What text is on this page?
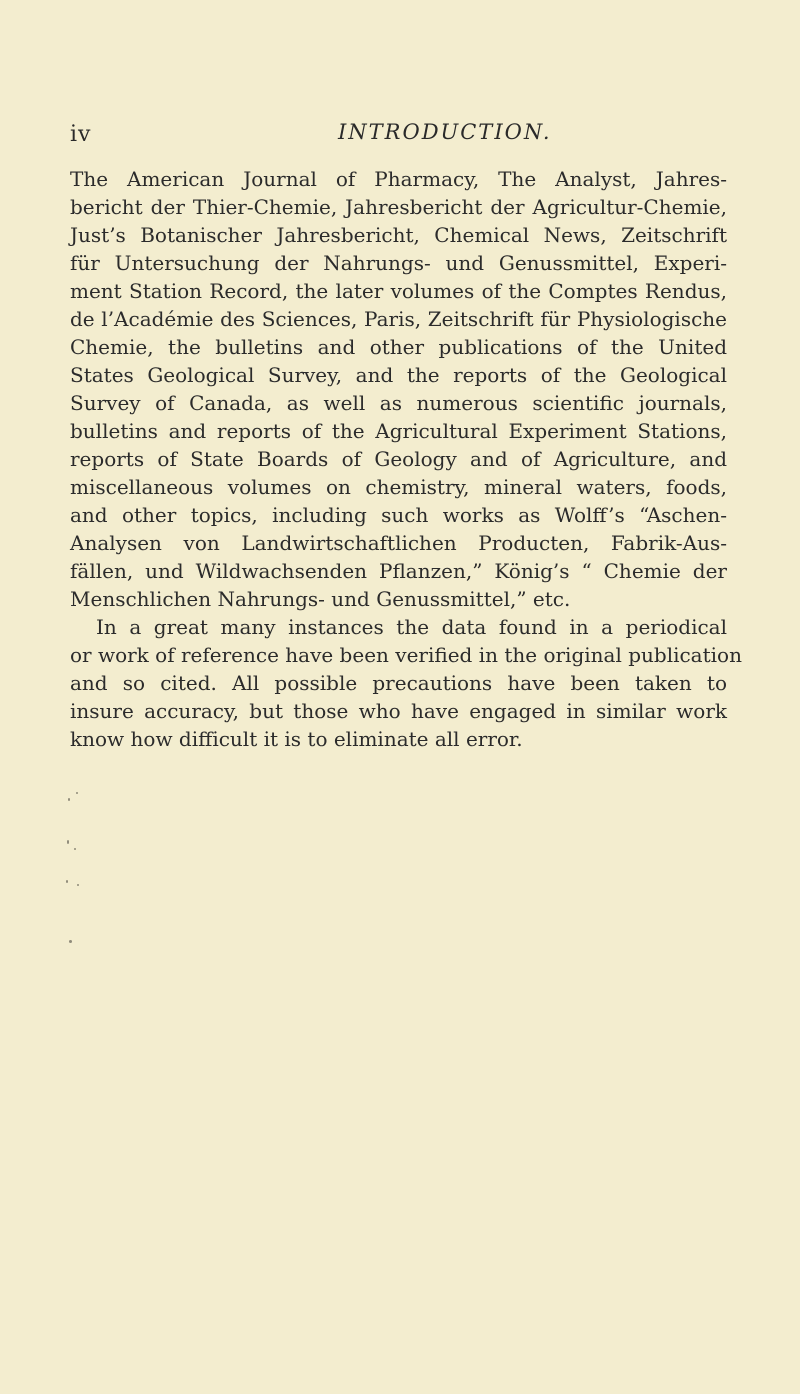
iv	INTRODUCTION.
The American Journal of Pharmacy, The Analyst, Jahres-
bericht der Thier-Chemie, Jahresbericht der Agricultur-Chemie,
Just’s Botanischer Jahresbericht, Chemical News, Zeitschrift
für Untersuchung der Nahrungs- und Genussmittel, Experi-
ment Station Record, the later volumes of the Comptes Rendus,
de l’Académie des Sciences, Paris, Zeitschrift für Physiologische
Chemie, the bulletins and other publications of the United
States Geological Survey, and the reports of the Geological
Survey of Canada, as well as numerous scientific journals,
bulletins and reports of the Agricultural Experiment Stations,
reports of State Boards of Geology and of Agriculture, and
miscellaneous volumes on chemistry, mineral waters, foods,
and other topics, including such works as Wolff’s “Aschen-
Analysen von Landwirtschaftlichen Producten, Fabrik-Aus-
fällen, und Wildwachsenden Pflanzen,” König’s “ Chemie der
Menschlichen Nahrungs- und Genussmittel,” etc.
In a great many instances the data found in a periodical
or work of reference have been verified in the original publication
and so cited. All possible precautions have been taken to
insure accuracy, but those who have engaged in similar work
know how difficult it is to eliminate all error.
